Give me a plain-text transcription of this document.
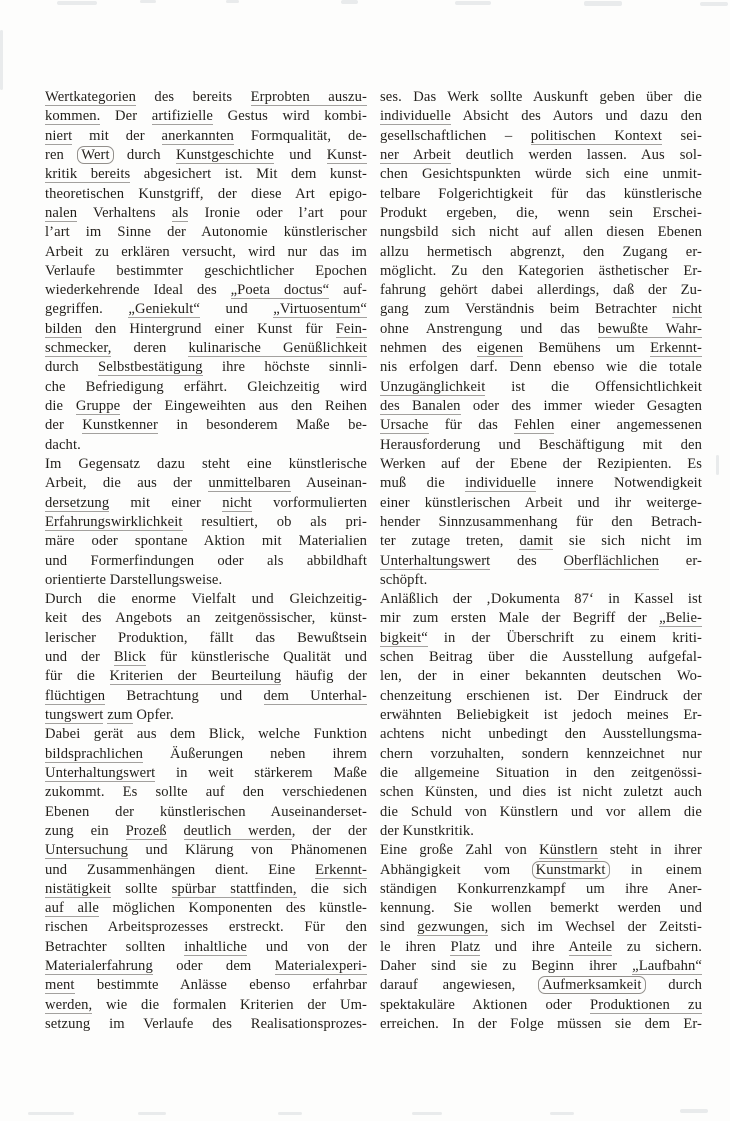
Wertkategorien des bereits Erprobten auszu-
kommen. Der artifizielle Gestus wird kombi-
niert mit der anerkannten Formqualität, de-
ren Wert durch Kunstgeschichte und Kunst-
kritik bereits abgesichert ist. Mit dem kunst-
theoretischen Kunstgriff, der diese Art epigo-
nalen Verhaltens als Ironie oder l’art pour
l’art im Sinne der Autonomie künstlerischer
Arbeit zu erklären versucht, wird nur das im
Verlaufe bestimmter geschichtlicher Epochen
wiederkehrende Ideal des „Poeta doctus“ auf-
gegriffen. „Geniekult“ und „Virtuosentum“
bilden den Hintergrund einer Kunst für Fein-
schmecker, deren kulinarische Genüßlichkeit
durch Selbstbestätigung ihre höchste sinnli-
che Befriedigung erfährt. Gleichzeitig wird
die Gruppe der Eingeweihten aus den Reihen
der Kunstkenner in besonderem Maße be-
dacht.
Im Gegensatz dazu steht eine künstlerische
Arbeit, die aus der unmittelbaren Auseinan-
dersetzung mit einer nicht vorformulierten
Erfahrungswirklichkeit resultiert, ob als pri-
märe oder spontane Aktion mit Materialien
und Formerfindungen oder als abbildhaft
orientierte Darstellungsweise.
Durch die enorme Vielfalt und Gleichzeitig-
keit des Angebots an zeitgenössischer, künst-
lerischer Produktion, fällt das Bewußtsein
und der Blick für künstlerische Qualität und
für die Kriterien der Beurteilung häufig der
flüchtigen Betrachtung und dem Unterhal-
tungswert zum Opfer.
Dabei gerät aus dem Blick, welche Funktion
bildsprachlichen Äußerungen neben ihrem
Unterhaltungswert in weit stärkerem Maße
zukommt. Es sollte auf den verschiedenen
Ebenen der künstlerischen Auseinanderset-
zung ein Prozeß deutlich werden, der der
Untersuchung und Klärung von Phänomenen
und Zusammenhängen dient. Eine Erkennt-
nistätigkeit sollte spürbar stattfinden, die sich
auf alle möglichen Komponenten des künstle-
rischen Arbeitsprozesses erstreckt. Für den
Betrachter sollten inhaltliche und von der
Materialerfahrung oder dem Materialexperi-
ment bestimmte Anlässe ebenso erfahrbar
werden, wie die formalen Kriterien der Um-
setzung im Verlaufe des Realisationsprozes-
ses. Das Werk sollte Auskunft geben über die
individuelle Absicht des Autors und dazu den
gesellschaftlichen – politischen Kontext sei-
ner Arbeit deutlich werden lassen. Aus sol-
chen Gesichtspunkten würde sich eine unmit-
telbare Folgerichtigkeit für das künstlerische
Produkt ergeben, die, wenn sein Erschei-
nungsbild sich nicht auf allen diesen Ebenen
allzu hermetisch abgrenzt, den Zugang er-
möglicht. Zu den Kategorien ästhetischer Er-
fahrung gehört dabei allerdings, daß der Zu-
gang zum Verständnis beim Betrachter nicht
ohne Anstrengung und das bewußte Wahr-
nehmen des eigenen Bemühens um Erkennt-
nis erfolgen darf. Denn ebenso wie die totale
Unzugänglichkeit ist die Offensichtlichkeit
des Banalen oder des immer wieder Gesagten
Ursache für das Fehlen einer angemessenen
Herausforderung und Beschäftigung mit den
Werken auf der Ebene der Rezipienten. Es
muß die individuelle innere Notwendigkeit
einer künstlerischen Arbeit und ihr weiterge-
hender Sinnzusammenhang für den Betrach-
ter zutage treten, damit sie sich nicht im
Unterhaltungswert des Oberflächlichen er-
schöpft.
Anläßlich der ‚Dokumenta 87‘ in Kassel ist
mir zum ersten Male der Begriff der „Belie-
bigkeit“ in der Überschrift zu einem kriti-
schen Beitrag über die Ausstellung aufgefal-
len, der in einer bekannten deutschen Wo-
chenzeitung erschienen ist. Der Eindruck der
erwähnten Beliebigkeit ist jedoch meines Er-
achtens nicht unbedingt den Ausstellungsma-
chern vorzuhalten, sondern kennzeichnet nur
die allgemeine Situation in den zeitgenössi-
schen Künsten, und dies ist nicht zuletzt auch
die Schuld von Künstlern und vor allem die
der Kunstkritik.
Eine große Zahl von Künstlern steht in ihrer
Abhängigkeit vom Kunstmarkt in einem
ständigen Konkurrenzkampf um ihre Aner-
kennung. Sie wollen bemerkt werden und
sind gezwungen, sich im Wechsel der Zeitsti-
le ihren Platz und ihre Anteile zu sichern.
Daher sind sie zu Beginn ihrer „Laufbahn“
darauf angewiesen, Aufmerksamkeit durch
spektakuläre Aktionen oder Produktionen zu
erreichen. In der Folge müssen sie dem Er-
